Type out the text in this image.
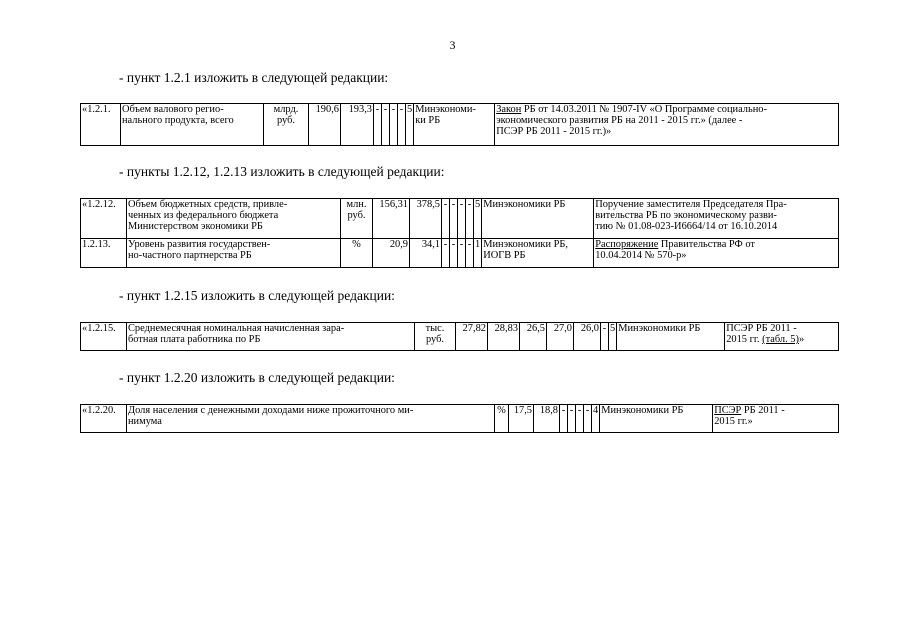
3
- пункт 1.2.1 изложить в следующей редакции:
«1.2.1.	Объем валового регио-
нального продукта, всего	млрд.
руб.	190,6	193,3	-	-	-	-	5	Минэкономи-
ки РБ	Закон РБ от 14.03.2011 № 1907-IV «О Программе социально-
экономического развития РБ на 2011 - 2015 гг.» (далее -
ПСЭР РБ 2011 - 2015 гг.)»
- пункты 1.2.12, 1.2.13 изложить в следующей редакции:
«1.2.12.	Объем бюджетных средств, привле-
ченных из федерального бюджета
Министерством экономики РБ	млн.
руб.	156,31	378,5	-	-	-	-	5	Минэкономики РБ	Поручение заместителя Председателя Пра-
вительства РБ по экономическому разви-
тию № 01.08-023-И6664/14 от 16.10.2014
1.2.13.	Уровень развития государствен-
но-частного партнерства РБ	%	20,9	34,1	-	-	-	-	1	Минэкономики РБ,
ИОГВ РБ	Распоряжение Правительства РФ от
10.04.2014 № 570-р»
- пункт 1.2.15 изложить в следующей редакции:
«1.2.15.	Среднемесячная номинальная начисленная зара-
ботная плата работника по РБ	тыс.
руб.	27,82	28,83	26,5	27,0	26,0	-	5	Минэкономики РБ	ПСЭР РБ 2011 -
2015 гг. (табл. 5)»
- пункт 1.2.20 изложить в следующей редакции:
«1.2.20.	Доля населения с денежными доходами ниже прожиточного ми-
нимума	%	17,5	18,8	-	-	-	-	4	Минэкономики РБ	ПСЭР РБ 2011 -
2015 гг.»
